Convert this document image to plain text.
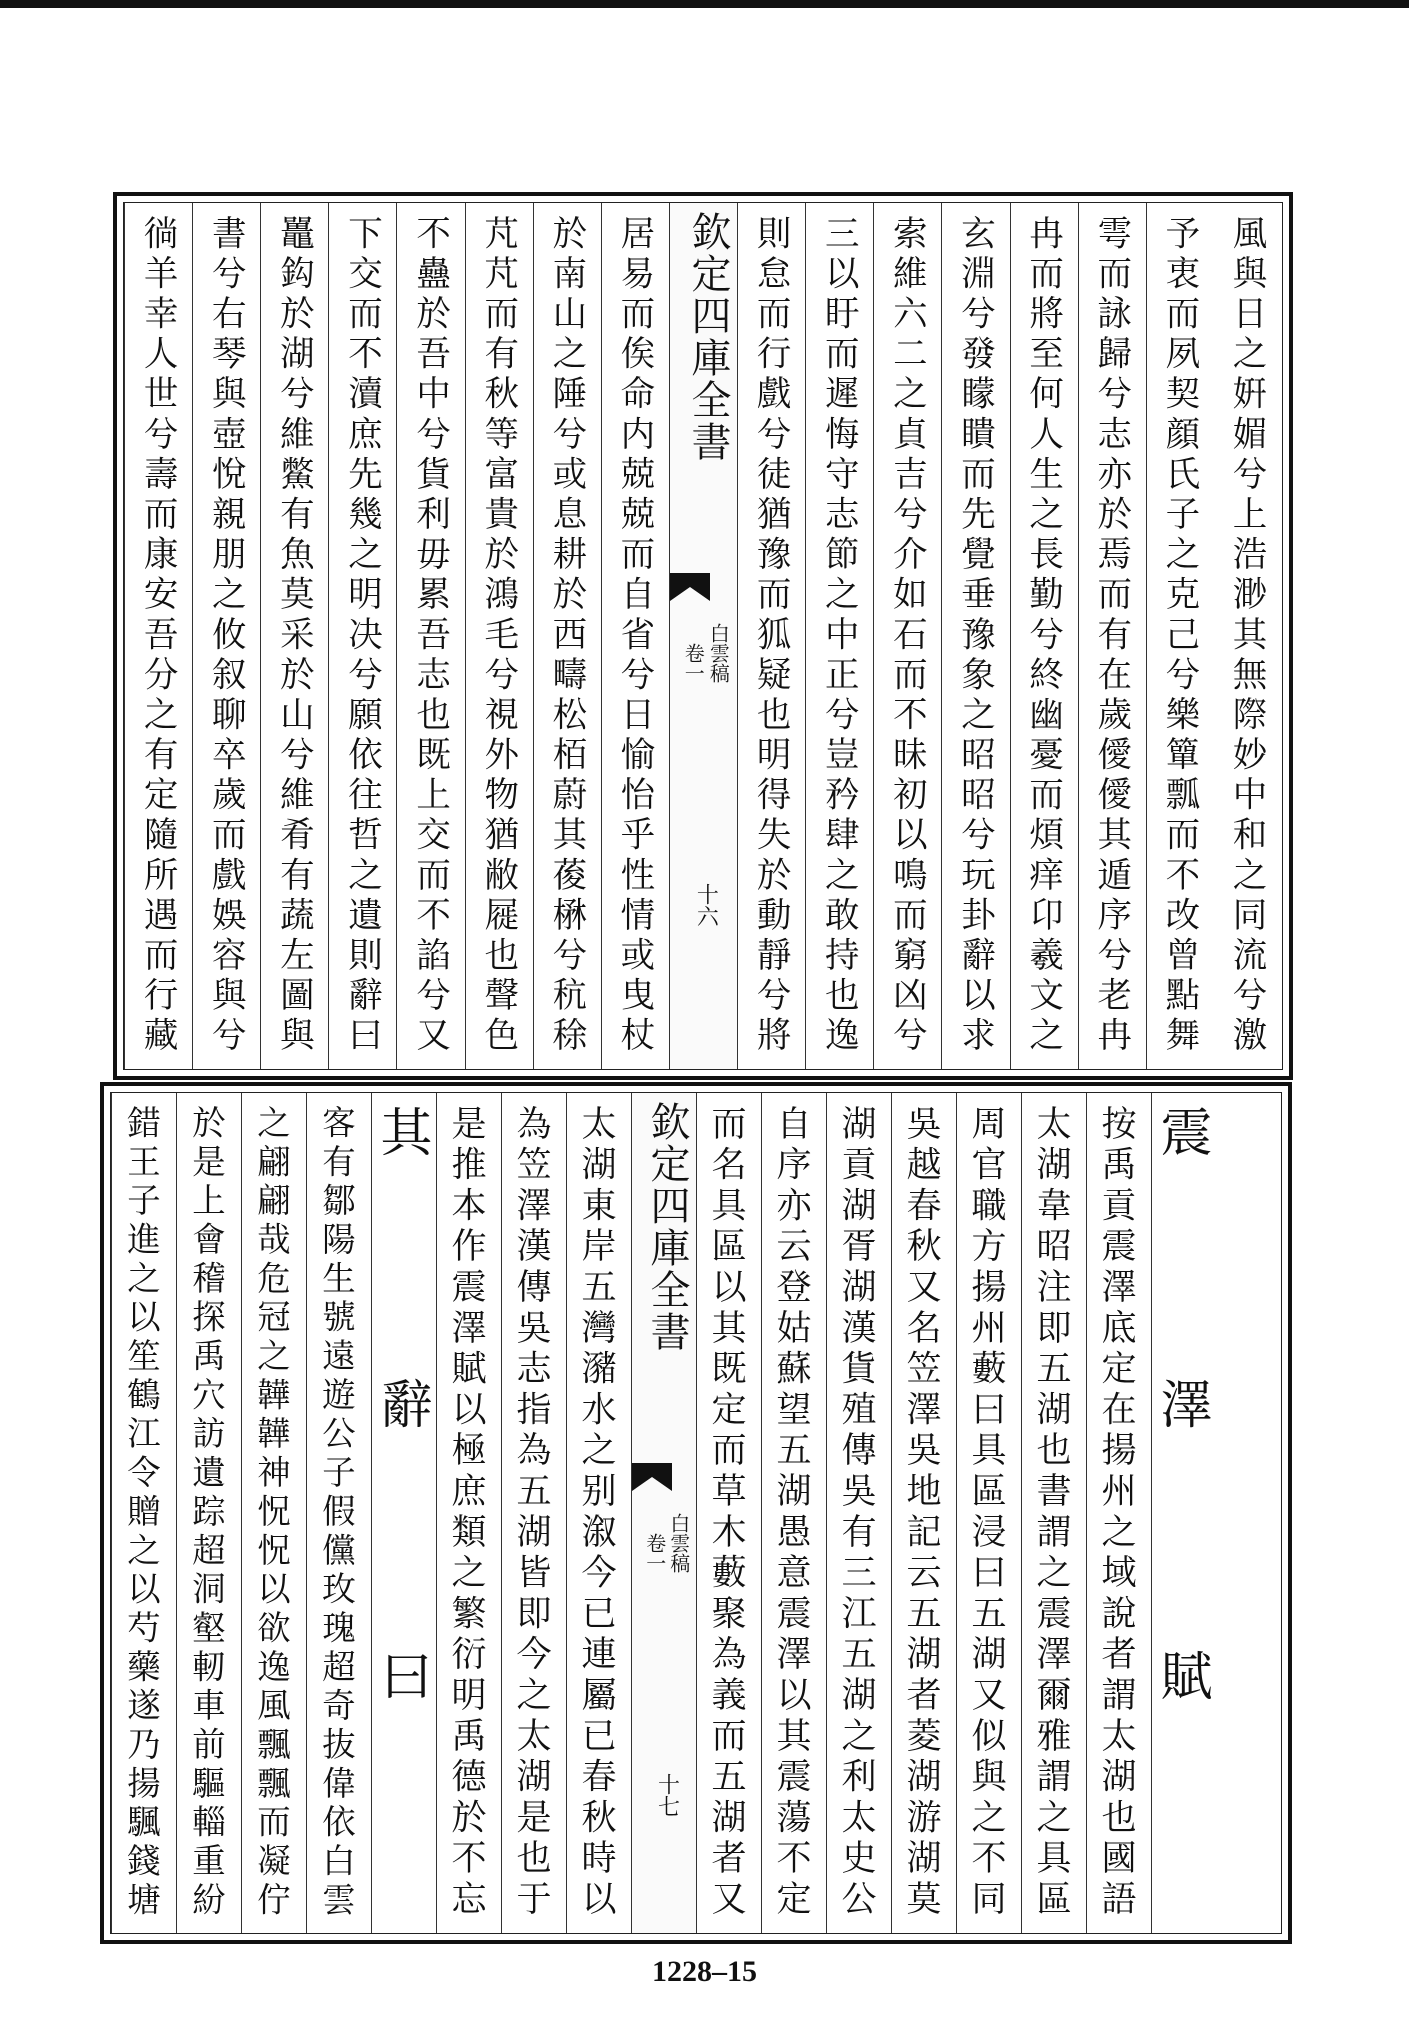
風與日之姸媚兮上浩渺其無際妙中和之同流兮激
予衷而夙契顔氏子之克己兮樂簞瓢而不改曾點舞
雩而詠歸兮志亦於焉而有在歲僾僾其遁序兮老冉
冉而將至何人生之長勤兮終幽憂而煩痒卬羲文之
玄淵兮發矇瞶而先覺垂豫象之昭昭兮玩卦辭以求
索維六二之貞吉兮介如石而不昧初以鳴而窮凶兮
三以盱而遲悔守志節之中正兮豈矜肆之敢持也逸
則怠而行戲兮徒猶豫而狐疑也明得失於動靜兮將
欽定四庫全書
白雲稿
卷一
十六
居易而俟命内兢兢而自省兮日愉怡乎性情或曳杖
於南山之陲兮或息耕於西疇松栢蔚其葰楙兮秔稌
芃芃而有秋等富貴於鴻毛兮視外物猶敝屣也聲色
不蠱於吾中兮貨利毋累吾志也既上交而不諂兮又
下交而不瀆庶先幾之明决兮願依往哲之遺則辭曰
鼉鈎於湖兮維鱉有魚莫采於山兮維肴有蔬左圖與
書兮右琴與壺悅親朋之攸叙聊卒歲而戲娛容與兮
徜羊幸人世兮壽而康安吾分之有定隨所遇而行藏
震澤賦
按禹貢震澤底定在揚州之域說者謂太湖也國語
太湖韋昭注即五湖也書謂之震澤爾雅謂之具區
周官職方揚州藪曰具區浸曰五湖又似與之不同
吳越春秋又名笠澤吳地記云五湖者菱湖游湖莫
湖貢湖胥湖漢貨殖傳吳有三江五湖之利太史公
自序亦云登姑蘇望五湖愚意震澤以其震蕩不定
而名具區以其既定而草木藪聚為義而五湖者又
欽定四庫全書
白雲稿
卷一
十七
太湖東岸五灣瀦水之别溆今已連屬已春秋時以
為笠澤漢傳吳志指為五湖皆即今之太湖是也于
是推本作震澤賦以極庶類之繁衍明禹德於不忘
其辭曰
客有鄒陽生號遠遊公子假儻玫瑰超奇抜偉依白雲
之翩翩哉危冠之韡韡神怳怳以欲逸風飄飄而凝佇
於是上會稽探禹穴訪遺踪超洞壑軔車前驅輜重紛
錯王子進之以笙鶴江令贈之以芍藥遂乃揚颿錢塘
1228–15
